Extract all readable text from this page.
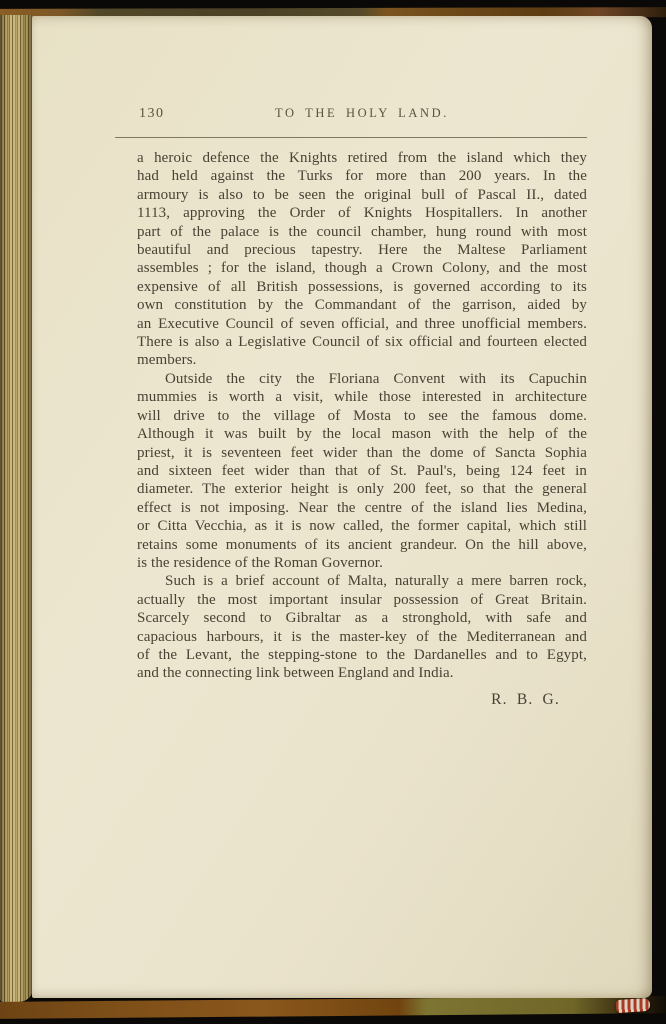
130	TO THE HOLY LAND.
a heroic defence the Knights retired from the island which they
had held against the Turks for more than 200 years. In the
armoury is also to be seen the original bull of Pascal II., dated
1113, approving the Order of Knights Hospitallers. In another
part of the palace is the council chamber, hung round with most
beautiful and precious tapestry. Here the Maltese Parliament
assembles ; for the island, though a Crown Colony, and the most
expensive of all British possessions, is governed according to its
own constitution by the Commandant of the garrison, aided by
an Executive Council of seven official, and three unofficial members.
There is also a Legislative Council of six official and fourteen elected
members.
Outside the city the Floriana Convent with its Capuchin
mummies is worth a visit, while those interested in architecture
will drive to the village of Mosta to see the famous dome.
Although it was built by the local mason with the help of the
priest, it is seventeen feet wider than the dome of Sancta Sophia
and sixteen feet wider than that of St. Paul's, being 124 feet in
diameter. The exterior height is only 200 feet, so that the general
effect is not imposing. Near the centre of the island lies Medina,
or Citta Vecchia, as it is now called, the former capital, which still
retains some monuments of its ancient grandeur. On the hill above,
is the residence of the Roman Governor.
Such is a brief account of Malta, naturally a mere barren rock,
actually the most important insular possession of Great Britain.
Scarcely second to Gibraltar as a stronghold, with safe and
capacious harbours, it is the master-key of the Mediterranean and
of the Levant, the stepping-stone to the Dardanelles and to Egypt,
and the connecting link between England and India.
R. B. G.
